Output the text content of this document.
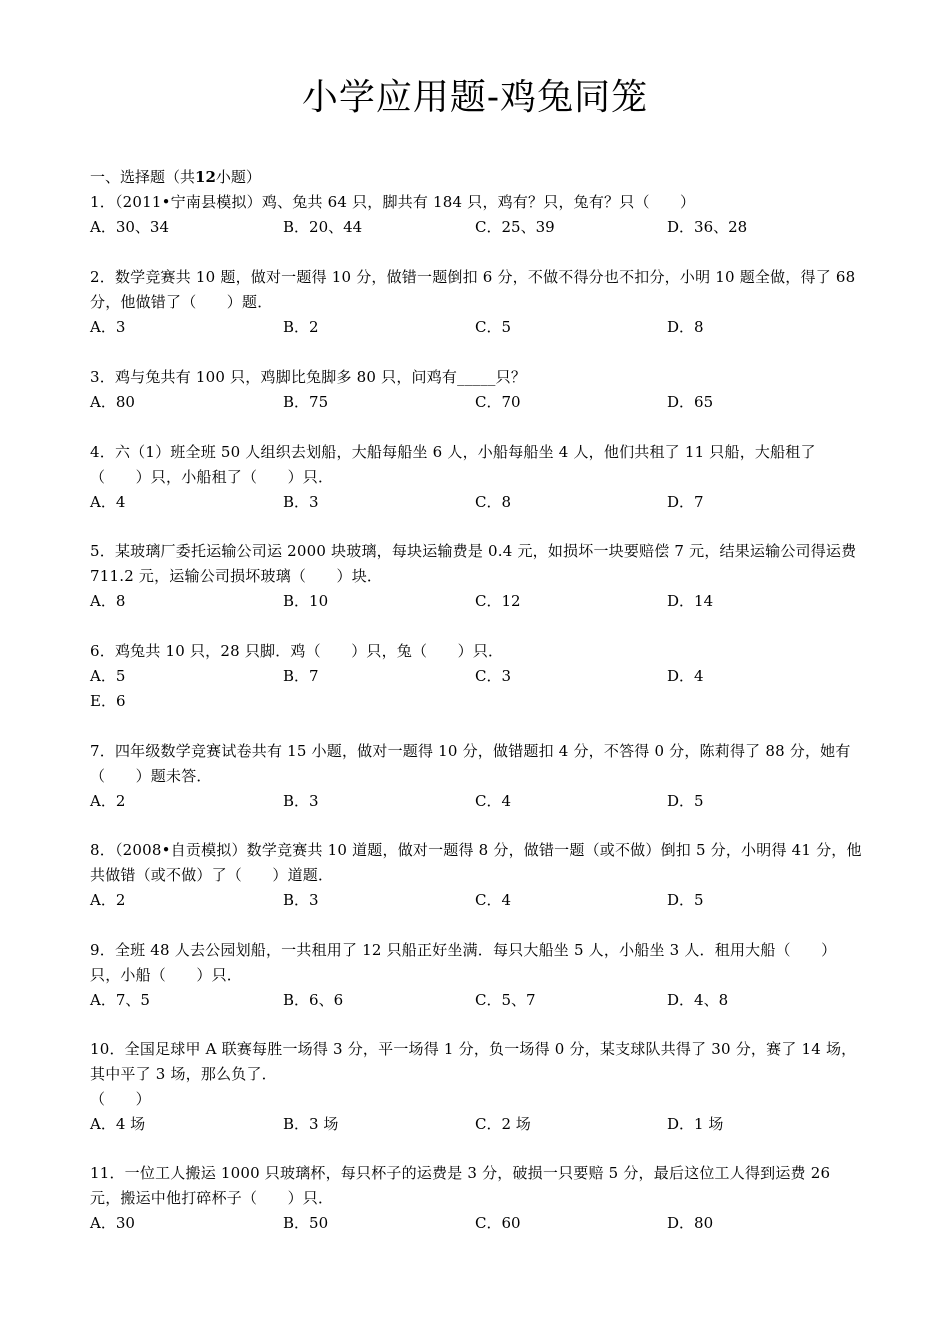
小学应用题-鸡兔同笼
一、选择题（共12小题）
1．（2011•宁南县模拟）鸡、兔共 64 只，脚共有 184 只，鸡有？只，兔有？只（　　）
A．30、34	B．20、44	C．25、39	D．36、28
2．数学竞赛共 10 题，做对一题得 10 分，做错一题倒扣 6 分，不做不得分也不扣分，小明 10 题全做，得了 68 分，他做错了（　　）题．
A．3	B．2	C．5	D．8
3．鸡与兔共有 100 只，鸡脚比兔脚多 80 只，问鸡有_____只？
A．80	B．75	C．70	D．65
4．六（1）班全班 50 人组织去划船，大船每船坐 6 人，小船每船坐 4 人，他们共租了 11 只船，大船租了（　　）只，小船租了（　　）只．
A．4	B．3	C．8	D．7
5．某玻璃厂委托运输公司运 2000 块玻璃，每块运输费是 0.4 元，如损坏一块要赔偿 7 元，结果运输公司得运费 711.2 元，运输公司损坏玻璃（　　）块．
A．8	B．10	C．12	D．14
6．鸡兔共 10 只，28 只脚．鸡（　　）只，兔（　　）只．
A．5	B．7	C．3	D．4
E．6
7．四年级数学竞赛试卷共有 15 小题，做对一题得 10 分，做错题扣 4 分，不答得 0 分，陈莉得了 88 分，她有（　　）题未答．
A．2	B．3	C．4	D．5
8．（2008•自贡模拟）数学竞赛共 10 道题，做对一题得 8 分，做错一题（或不做）倒扣 5 分，小明得 41 分，他共做错（或不做）了（　　）道题．
A．2	B．3	C．4	D．5
9．全班 48 人去公园划船，一共租用了 12 只船正好坐满．每只大船坐 5 人，小船坐 3 人．租用大船（　　）只，小船（　　）只．
A．7、5	B．6、6	C．5、7	D．4、8
10．全国足球甲 A 联赛每胜一场得 3 分，平一场得 1 分，负一场得 0 分，某支球队共得了 30 分，赛了 14 场，其中平了 3 场，那么负了．
（　　）
A．4 场	B．3 场	C．2 场	D．1 场
11．一位工人搬运 1000 只玻璃杯，每只杯子的运费是 3 分，破损一只要赔 5 分，最后这位工人得到运费 26 元，搬运中他打碎杯子（　　）只．
A．30	B．50	C．60	D．80
